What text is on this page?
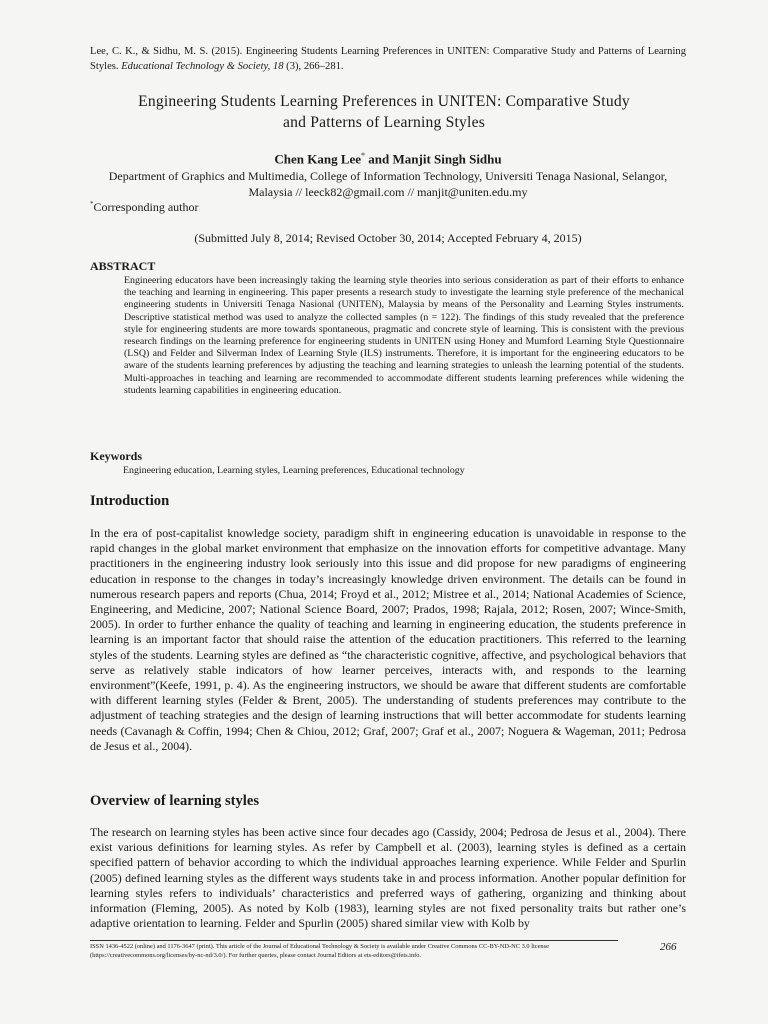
Lee, C. K., & Sidhu, M. S. (2015). Engineering Students Learning Preferences in UNITEN: Comparative Study and Patterns of Learning Styles. Educational Technology & Society, 18 (3), 266–281.
Engineering Students Learning Preferences in UNITEN: Comparative Study
and Patterns of Learning Styles
Chen Kang Lee* and Manjit Singh Sidhu
Department of Graphics and Multimedia, College of Information Technology, Universiti Tenaga Nasional, Selangor,
Malaysia // leeck82@gmail.com // manjit@uniten.edu.my
*Corresponding author
(Submitted July 8, 2014; Revised October 30, 2014; Accepted February 4, 2015)
ABSTRACT
Engineering educators have been increasingly taking the learning style theories into serious consideration as part of their efforts to enhance the teaching and learning in engineering. This paper presents a research study to investigate the learning style preference of the mechanical engineering students in Universiti Tenaga Nasional (UNITEN), Malaysia by means of the Personality and Learning Styles instruments. Descriptive statistical method was used to analyze the collected samples (n = 122). The findings of this study revealed that the preference style for engineering students are more towards spontaneous, pragmatic and concrete style of learning. This is consistent with the previous research findings on the learning preference for engineering students in UNITEN using Honey and Mumford Learning Style Questionnaire (LSQ) and Felder and Silverman Index of Learning Style (ILS) instruments. Therefore, it is important for the engineering educators to be aware of the students learning preferences by adjusting the teaching and learning strategies to unleash the learning potential of the students. Multi-approaches in teaching and learning are recommended to accommodate different students learning preferences while widening the students learning capabilities in engineering education.
Keywords
Engineering education, Learning styles, Learning preferences, Educational technology
Introduction
In the era of post-capitalist knowledge society, paradigm shift in engineering education is unavoidable in response to the rapid changes in the global market environment that emphasize on the innovation efforts for competitive advantage. Many practitioners in the engineering industry look seriously into this issue and did propose for new paradigms of engineering education in response to the changes in today’s increasingly knowledge driven environment. The details can be found in numerous research papers and reports (Chua, 2014; Froyd et al., 2012; Mistree et al., 2014; National Academies of Science, Engineering, and Medicine, 2007; National Science Board, 2007; Prados, 1998; Rajala, 2012; Rosen, 2007; Wince-Smith, 2005). In order to further enhance the quality of teaching and learning in engineering education, the students preference in learning is an important factor that should raise the attention of the education practitioners. This referred to the learning styles of the students. Learning styles are defined as “the characteristic cognitive, affective, and psychological behaviors that serve as relatively stable indicators of how learner perceives, interacts with, and responds to the learning environment”(Keefe, 1991, p. 4). As the engineering instructors, we should be aware that different students are comfortable with different learning styles (Felder & Brent, 2005). The understanding of students preferences may contribute to the adjustment of teaching strategies and the design of learning instructions that will better accommodate for students learning needs (Cavanagh & Coffin, 1994; Chen & Chiou, 2012; Graf, 2007; Graf et al., 2007; Noguera & Wageman, 2011; Pedrosa de Jesus et al., 2004).
Overview of learning styles
The research on learning styles has been active since four decades ago (Cassidy, 2004; Pedrosa de Jesus et al., 2004). There exist various definitions for learning styles. As refer by Campbell et al. (2003), learning styles is defined as a certain specified pattern of behavior according to which the individual approaches learning experience. While Felder and Spurlin (2005) defined learning styles as the different ways students take in and process information. Another popular definition for learning styles refers to individuals’ characteristics and preferred ways of gathering, organizing and thinking about information (Fleming, 2005). As noted by Kolb (1983), learning styles are not fixed personality traits but rather one’s adaptive orientation to learning. Felder and Spurlin (2005) shared similar view with Kolb by
ISSN 1436-4522 (online) and 1176-3647 (print). This article of the Journal of Educational Technology & Society is available under Creative Commons CC-BY-ND-NC 3.0 license (https://creativecommons.org/licenses/by-nc-nd/3.0/). For further queries, please contact Journal Editors at ets-editors@ifets.info.
266
